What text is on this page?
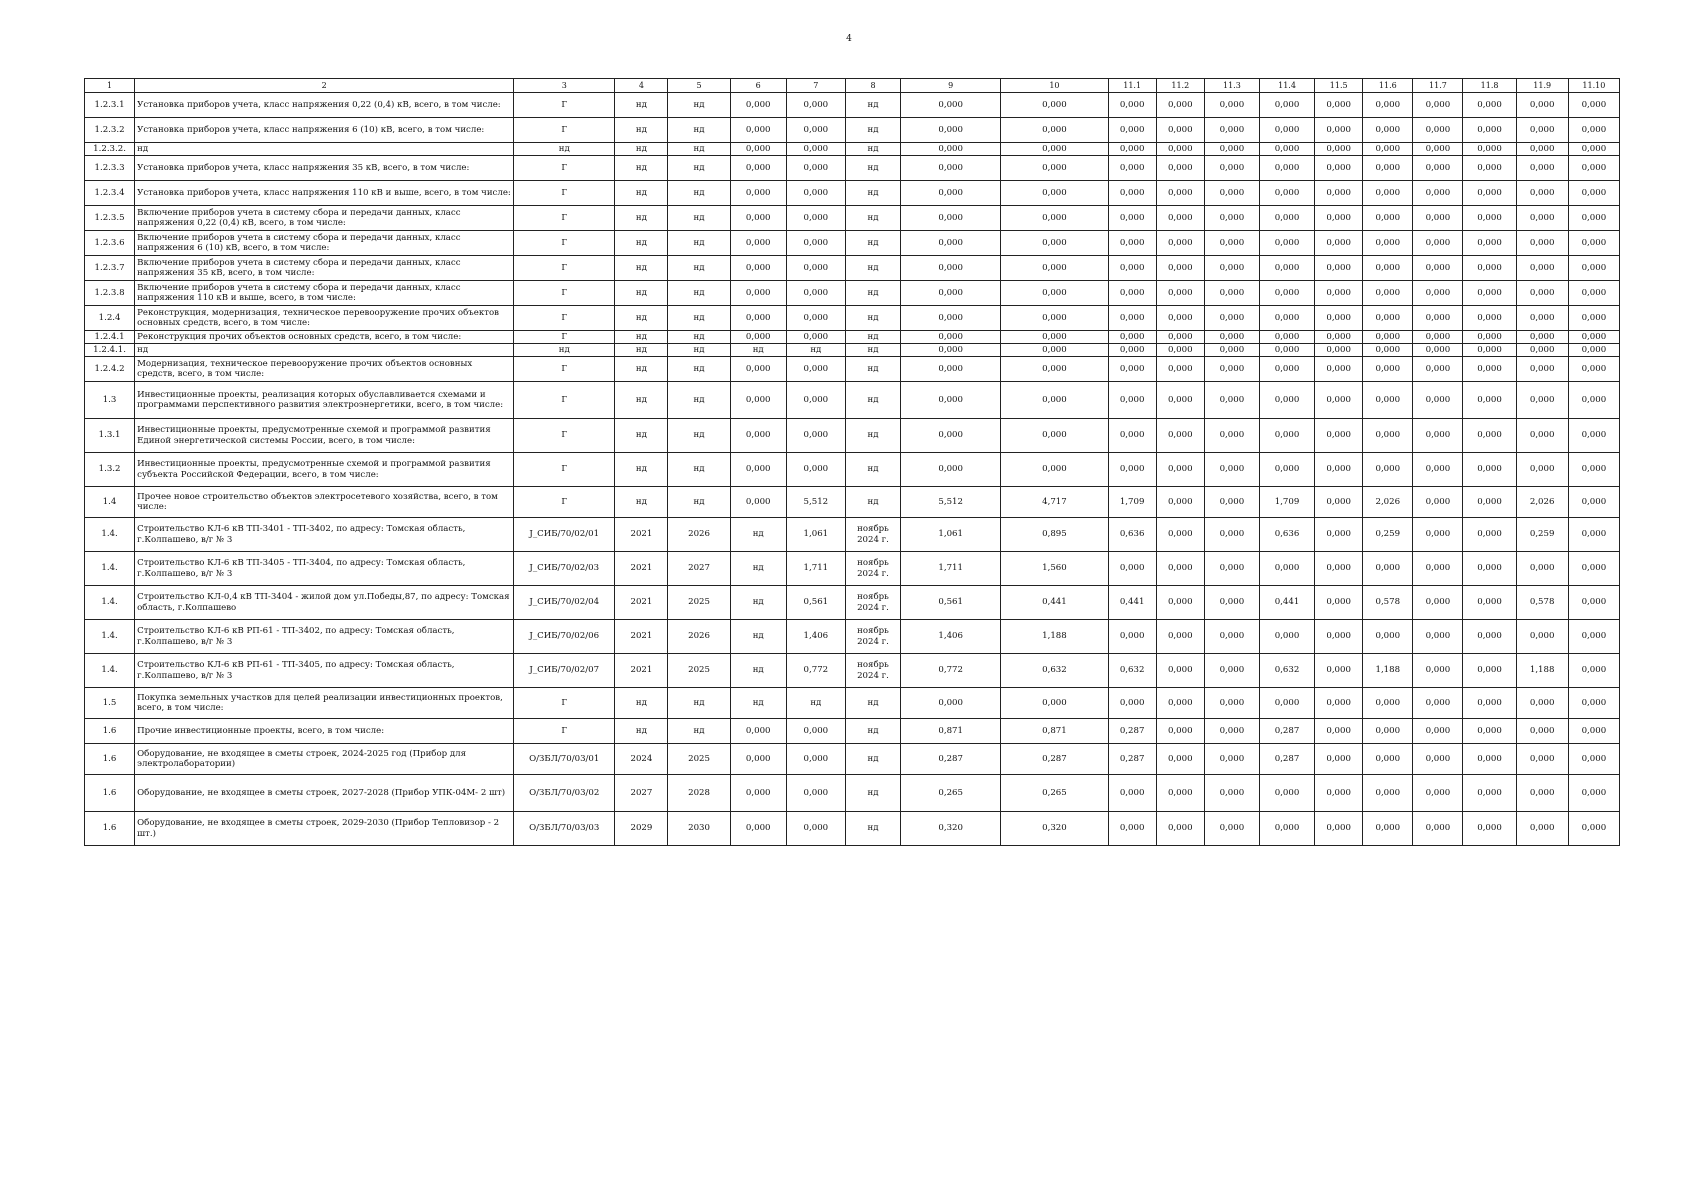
4
1	2	3	4	5	6	7	8	9	10	11.1	11.2	11.3	11.4	11.5	11.6	11.7	11.8	11.9	11.10
1.2.3.1	Установка приборов учета, класс напряжения 0,22 (0,4) кВ, всего, в том числе:	Г	нд	нд	0,000	0,000	нд	0,000	0,000	0,000	0,000	0,000	0,000	0,000	0,000	0,000	0,000	0,000	0,000
1.2.3.2	Установка приборов учета, класс напряжения 6 (10) кВ, всего, в том числе:	Г	нд	нд	0,000	0,000	нд	0,000	0,000	0,000	0,000	0,000	0,000	0,000	0,000	0,000	0,000	0,000	0,000
1.2.3.2.	нд	нд	нд	нд	0,000	0,000	нд	0,000	0,000	0,000	0,000	0,000	0,000	0,000	0,000	0,000	0,000	0,000	0,000
1.2.3.3	Установка приборов учета, класс напряжения 35 кВ, всего, в том числе:	Г	нд	нд	0,000	0,000	нд	0,000	0,000	0,000	0,000	0,000	0,000	0,000	0,000	0,000	0,000	0,000	0,000
1.2.3.4	Установка приборов учета, класс напряжения 110 кВ и выше, всего, в том числе:	Г	нд	нд	0,000	0,000	нд	0,000	0,000	0,000	0,000	0,000	0,000	0,000	0,000	0,000	0,000	0,000	0,000
1.2.3.5	Включение приборов учета в систему сбора и передачи данных, класс напряжения 0,22 (0,4) кВ, всего, в том числе:	Г	нд	нд	0,000	0,000	нд	0,000	0,000	0,000	0,000	0,000	0,000	0,000	0,000	0,000	0,000	0,000	0,000
1.2.3.6	Включение приборов учета в систему сбора и передачи данных, класс напряжения 6 (10) кВ, всего, в том числе:	Г	нд	нд	0,000	0,000	нд	0,000	0,000	0,000	0,000	0,000	0,000	0,000	0,000	0,000	0,000	0,000	0,000
1.2.3.7	Включение приборов учета в систему сбора и передачи данных, класс напряжения 35 кВ, всего, в том числе:	Г	нд	нд	0,000	0,000	нд	0,000	0,000	0,000	0,000	0,000	0,000	0,000	0,000	0,000	0,000	0,000	0,000
1.2.3.8	Включение приборов учета в систему сбора и передачи данных, класс напряжения 110 кВ и выше, всего, в том числе:	Г	нд	нд	0,000	0,000	нд	0,000	0,000	0,000	0,000	0,000	0,000	0,000	0,000	0,000	0,000	0,000	0,000
1.2.4	Реконструкция, модернизация, техническое перевооружение прочих объектов основных средств, всего, в том числе:	Г	нд	нд	0,000	0,000	нд	0,000	0,000	0,000	0,000	0,000	0,000	0,000	0,000	0,000	0,000	0,000	0,000
1.2.4.1	Реконструкция прочих объектов основных средств, всего, в том числе:	Г	нд	нд	0,000	0,000	нд	0,000	0,000	0,000	0,000	0,000	0,000	0,000	0,000	0,000	0,000	0,000	0,000
1.2.4.1.	нд	нд	нд	нд	нд	нд	нд	0,000	0,000	0,000	0,000	0,000	0,000	0,000	0,000	0,000	0,000	0,000	0,000
1.2.4.2	Модернизация, техническое перевооружение прочих объектов основных средств, всего, в том числе:	Г	нд	нд	0,000	0,000	нд	0,000	0,000	0,000	0,000	0,000	0,000	0,000	0,000	0,000	0,000	0,000	0,000
1.3	Инвестиционные проекты, реализация которых обуславливается схемами и программами перспективного развития электроэнергетики, всего, в том числе:	Г	нд	нд	0,000	0,000	нд	0,000	0,000	0,000	0,000	0,000	0,000	0,000	0,000	0,000	0,000	0,000	0,000
1.3.1	Инвестиционные проекты, предусмотренные схемой и программой развития Единой энергетической системы России, всего, в том числе:	Г	нд	нд	0,000	0,000	нд	0,000	0,000	0,000	0,000	0,000	0,000	0,000	0,000	0,000	0,000	0,000	0,000
1.3.2	Инвестиционные проекты, предусмотренные схемой и программой развития субъекта Российской Федерации, всего, в том числе:	Г	нд	нд	0,000	0,000	нд	0,000	0,000	0,000	0,000	0,000	0,000	0,000	0,000	0,000	0,000	0,000	0,000
1.4	Прочее новое строительство объектов электросетевого хозяйства, всего, в том числе:	Г	нд	нд	0,000	5,512	нд	5,512	4,717	1,709	0,000	0,000	1,709	0,000	2,026	0,000	0,000	2,026	0,000
1.4.	Строительство КЛ-6 кВ ТП-3401 - ТП-3402, по адресу: Томская область, г.Колпашево, в/г № 3	J_СИБ/70/02/01	2021	2026	нд	1,061	ноябрь 2024 г.	1,061	0,895	0,636	0,000	0,000	0,636	0,000	0,259	0,000	0,000	0,259	0,000
1.4.	Строительство КЛ-6 кВ ТП-3405 - ТП-3404, по адресу: Томская область, г.Колпашево, в/г № 3	J_СИБ/70/02/03	2021	2027	нд	1,711	ноябрь 2024 г.	1,711	1,560	0,000	0,000	0,000	0,000	0,000	0,000	0,000	0,000	0,000	0,000
1.4.	Строительство КЛ-0,4 кВ ТП-3404 - жилой дом ул.Победы,87, по адресу: Томская область, г.Колпашево	J_СИБ/70/02/04	2021	2025	нд	0,561	ноябрь 2024 г.	0,561	0,441	0,441	0,000	0,000	0,441	0,000	0,578	0,000	0,000	0,578	0,000
1.4.	Строительство КЛ-6 кВ РП-61 - ТП-3402, по адресу: Томская область, г.Колпашево, в/г № 3	J_СИБ/70/02/06	2021	2026	нд	1,406	ноябрь 2024 г.	1,406	1,188	0,000	0,000	0,000	0,000	0,000	0,000	0,000	0,000	0,000	0,000
1.4.	Строительство КЛ-6 кВ РП-61 - ТП-3405, по адресу: Томская область, г.Колпашево, в/г № 3	J_СИБ/70/02/07	2021	2025	нд	0,772	ноябрь 2024 г.	0,772	0,632	0,632	0,000	0,000	0,632	0,000	1,188	0,000	0,000	1,188	0,000
1.5	Покупка земельных участков для целей реализации инвестиционных проектов, всего, в том числе:	Г	нд	нд	нд	нд	нд	0,000	0,000	0,000	0,000	0,000	0,000	0,000	0,000	0,000	0,000	0,000	0,000
1.6	Прочие инвестиционные проекты, всего, в том числе:	Г	нд	нд	0,000	0,000	нд	0,871	0,871	0,287	0,000	0,000	0,287	0,000	0,000	0,000	0,000	0,000	0,000
1.6	Оборудование, не входящее в сметы строек, 2024-2025 год (Прибор для электролаборатории)	О/ЗБЛ/70/03/01	2024	2025	0,000	0,000	нд	0,287	0,287	0,287	0,000	0,000	0,287	0,000	0,000	0,000	0,000	0,000	0,000
1.6	Оборудование, не входящее в сметы строек, 2027-2028 (Прибор УПК-04М- 2 шт)	О/ЗБЛ/70/03/02	2027	2028	0,000	0,000	нд	0,265	0,265	0,000	0,000	0,000	0,000	0,000	0,000	0,000	0,000	0,000	0,000
1.6	Оборудование, не входящее в сметы строек, 2029-2030 (Прибор Тепловизор - 2 шт.)	О/ЗБЛ/70/03/03	2029	2030	0,000	0,000	нд	0,320	0,320	0,000	0,000	0,000	0,000	0,000	0,000	0,000	0,000	0,000	0,000
